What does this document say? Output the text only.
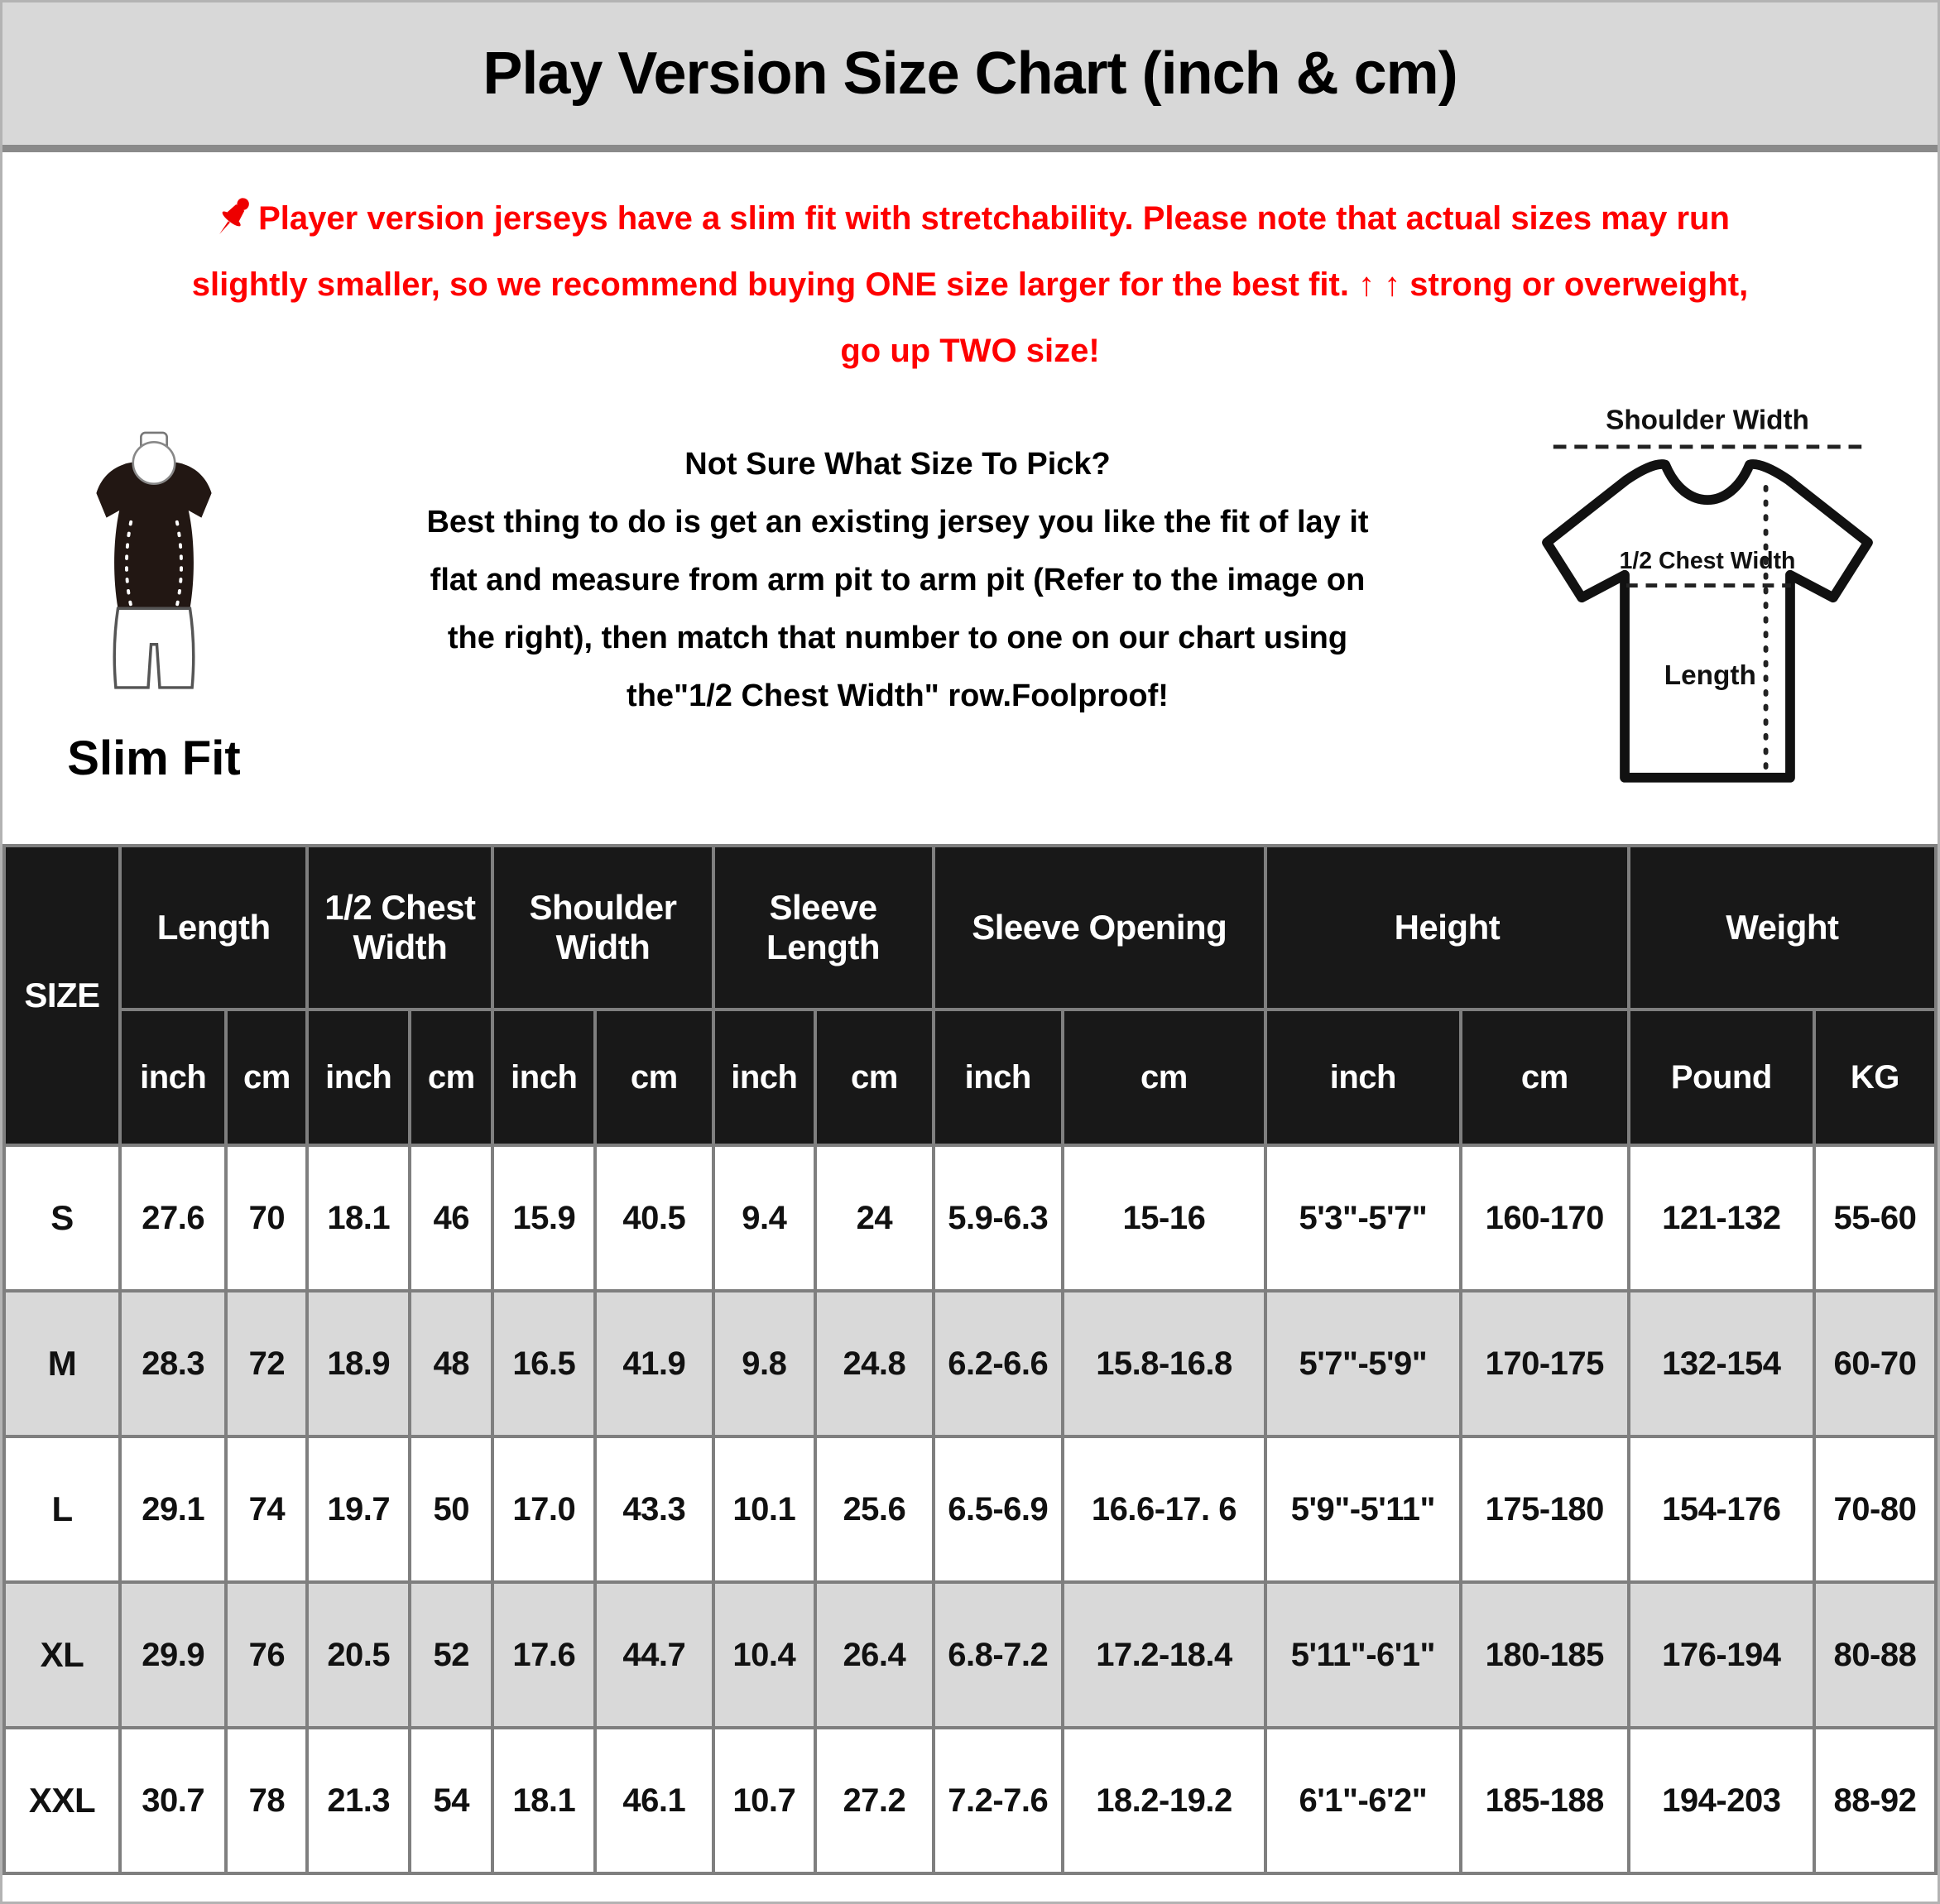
Play Version Size Chart (inch & cm)
Player version jerseys have a slim fit with stretchability. Please note that actual sizes may run
slightly smaller, so we recommend buying ONE size larger for the best fit. ↑ ↑ strong or overweight,
go up TWO size!
Slim Fit
Not Sure What Size To Pick?
Best thing to do is get an existing jersey you like the fit of lay it
flat and measure from arm pit to arm pit (Refer to the image on
the right), then match that number to one on our chart using
the"1/2 Chest Width" row.Foolproof!
Shoulder Width
1/2 Chest Width
Length
SIZE	Length		1/2 Chest Width		Shoulder Width		Sleeve Length		Sleeve Opening		Height		Weight	
	inch	cm	inch	cm	inch	cm	inch	cm	inch	cm	inch	cm	Pound	KG
S	27.6	70	18.1	46	15.9	40.5	9.4	24	5.9-6.3	15-16	5'3"-5'7"	160-170	121-132	55-60
M	28.3	72	18.9	48	16.5	41.9	9.8	24.8	6.2-6.6	15.8-16.8	5'7"-5'9"	170-175	132-154	60-70
L	29.1	74	19.7	50	17.0	43.3	10.1	25.6	6.5-6.9	16.6-17. 6	5'9"-5'11"	175-180	154-176	70-80
XL	29.9	76	20.5	52	17.6	44.7	10.4	26.4	6.8-7.2	17.2-18.4	5'11"-6'1"	180-185	176-194	80-88
XXL	30.7	78	21.3	54	18.1	46.1	10.7	27.2	7.2-7.6	18.2-19.2	6'1"-6'2"	185-188	194-203	88-92
